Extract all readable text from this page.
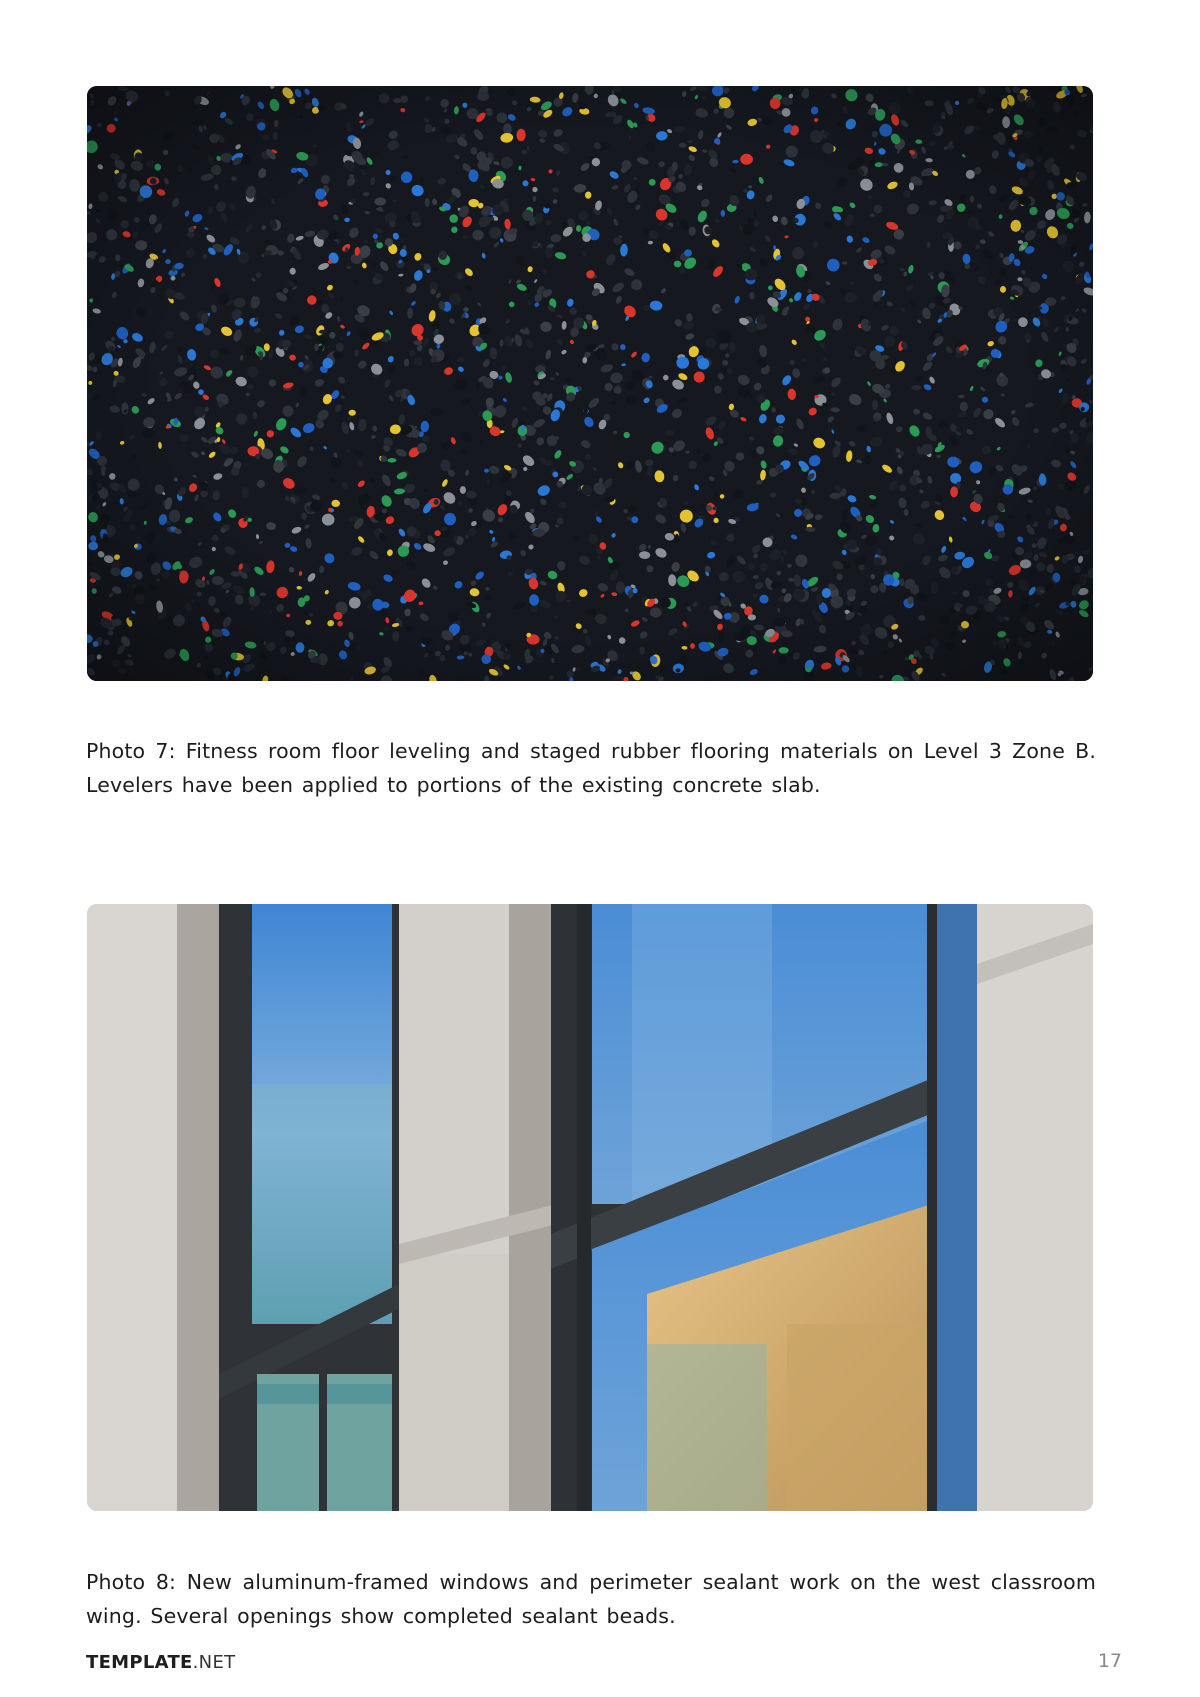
Photo 7: Fitness room floor leveling and staged rubber flooring materials on Level 3 Zone B. Levelers have been applied to portions of the existing concrete slab.

Photo 8: New aluminum-framed windows and perimeter sealant work on the west classroom wing. Several openings show completed sealant beads.

TEMPLATE.NET	17
